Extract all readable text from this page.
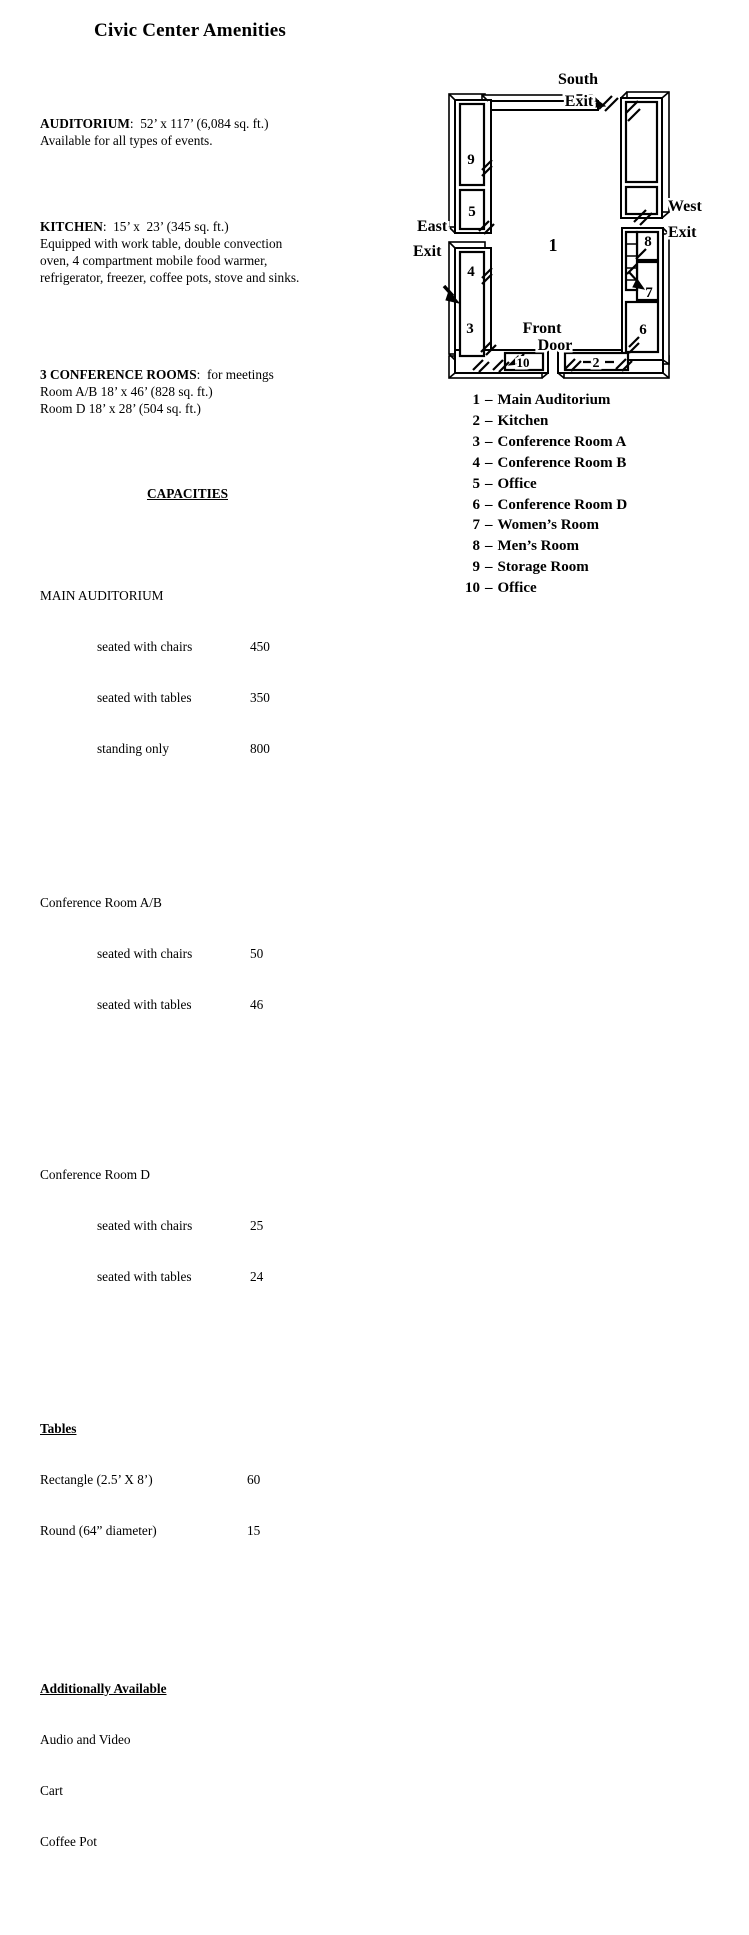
Civic Center Amenities

AUDITORIUM:  52’ x 117’ (6,084 sq. ft.)
Available for all types of events.

KITCHEN:  15’ x  23’ (345 sq. ft.)
Equipped with work table, double convection
oven, 4 compartment mobile food warmer,
refrigerator, freezer, coffee pots, stove and sinks.

3 CONFERENCE ROOMS:  for meetings
Room A/B 18’ x 46’ (828 sq. ft.)
Room D 18’ x 28’ (504 sq. ft.)

CAPACITIES

MAIN AUDITORIUM

seated with chairs	450

seated with tables	350

standing only	800

Conference Room A/B

seated with chairs	50

seated with tables	46

Conference Room D

seated with chairs	25

seated with tables	24

Tables

Rectangle (2.5’ X 8’)	60

Round (64” diameter)	15

Additionally Available

Audio and Video

Cart

Coffee Pot

1
2
3
4
5
6
7
8
9
10
South
Exit
West
Exit
East
Exit
Front
Door
1 – Main Auditorium
2 – Kitchen
3 – Conference Room A
4 – Conference Room B
5 – Office
6 – Conference Room D
7 – Women’s Room
8 – Men’s Room
9 – Storage Room
10 – Office
